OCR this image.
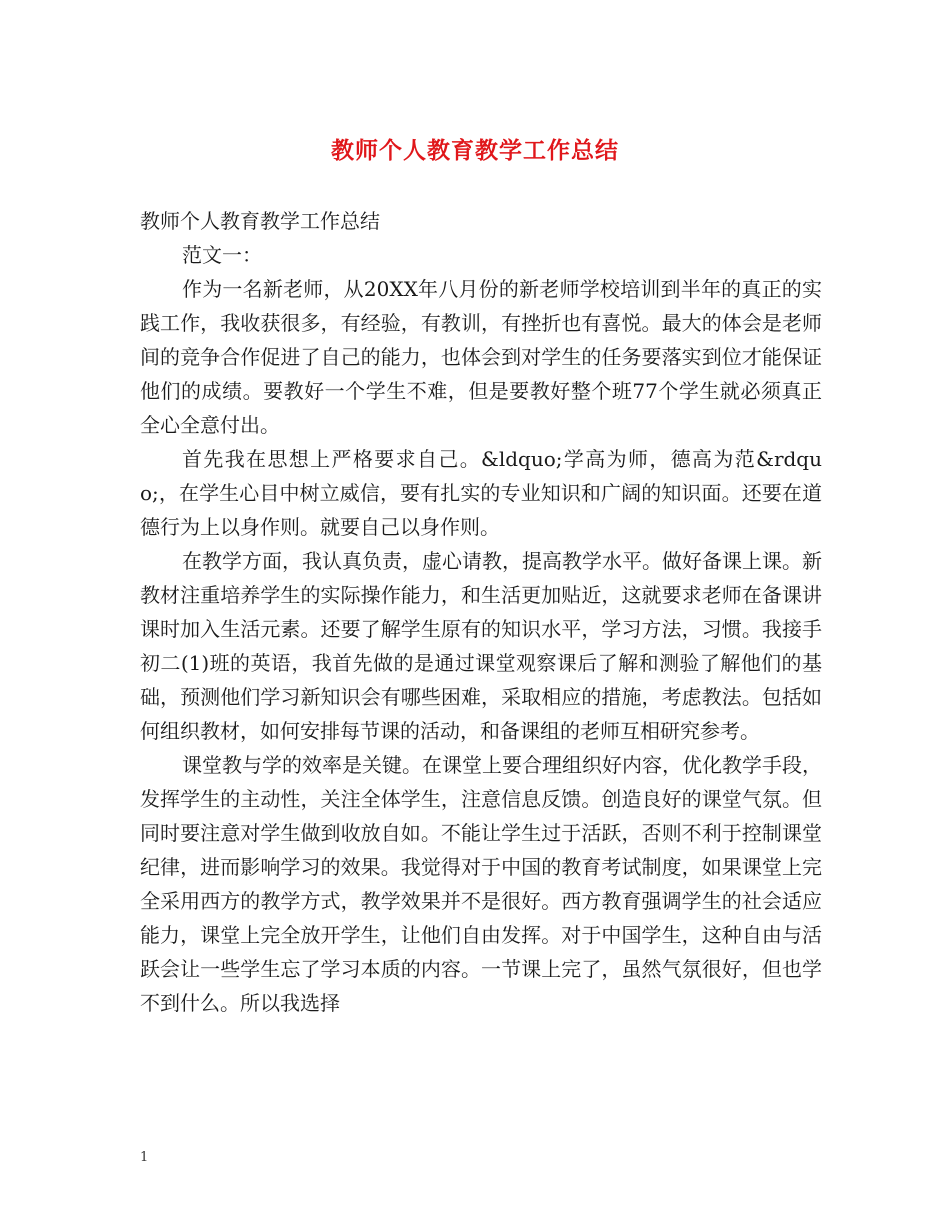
教师个人教育教学工作总结

教师个人教育教学工作总结

范文一：

作为一名新老师，从20XX年八月份的新老师学校培训到半年的真正的实践工作，我收获很多，有经验，有教训，有挫折也有喜悦。最大的体会是老师间的竞争合作促进了自己的能力，也体会到对学生的任务要落实到位才能保证他们的成绩。要教好一个学生不难，但是要教好整个班77个学生就必须真正全心全意付出。

首先我在思想上严格要求自己。&ldquo;学高为师，德高为范&rdquo;，在学生心目中树立威信，要有扎实的专业知识和广阔的知识面。还要在道德行为上以身作则。就要自己以身作则。

在教学方面，我认真负责，虚心请教，提高教学水平。做好备课上课。新教材注重培养学生的实际操作能力，和生活更加贴近，这就要求老师在备课讲课时加入生活元素。还要了解学生原有的知识水平，学习方法，习惯。我接手初二(1)班的英语，我首先做的是通过课堂观察课后了解和测验了解他们的基础，预测他们学习新知识会有哪些困难，采取相应的措施，考虑教法。包括如何组织教材，如何安排每节课的活动，和备课组的老师互相研究参考。

课堂教与学的效率是关键。在课堂上要合理组织好内容，优化教学手段，发挥学生的主动性，关注全体学生，注意信息反馈。创造良好的课堂气氛。但同时要注意对学生做到收放自如。不能让学生过于活跃，否则不利于控制课堂纪律，进而影响学习的效果。我觉得对于中国的教育考试制度，如果课堂上完全采用西方的教学方式，教学效果并不是很好。西方教育强调学生的社会适应能力，课堂上完全放开学生，让他们自由发挥。对于中国学生，这种自由与活跃会让一些学生忘了学习本质的内容。一节课上完了，虽然气氛很好，但也学不到什么。所以我选择

1
